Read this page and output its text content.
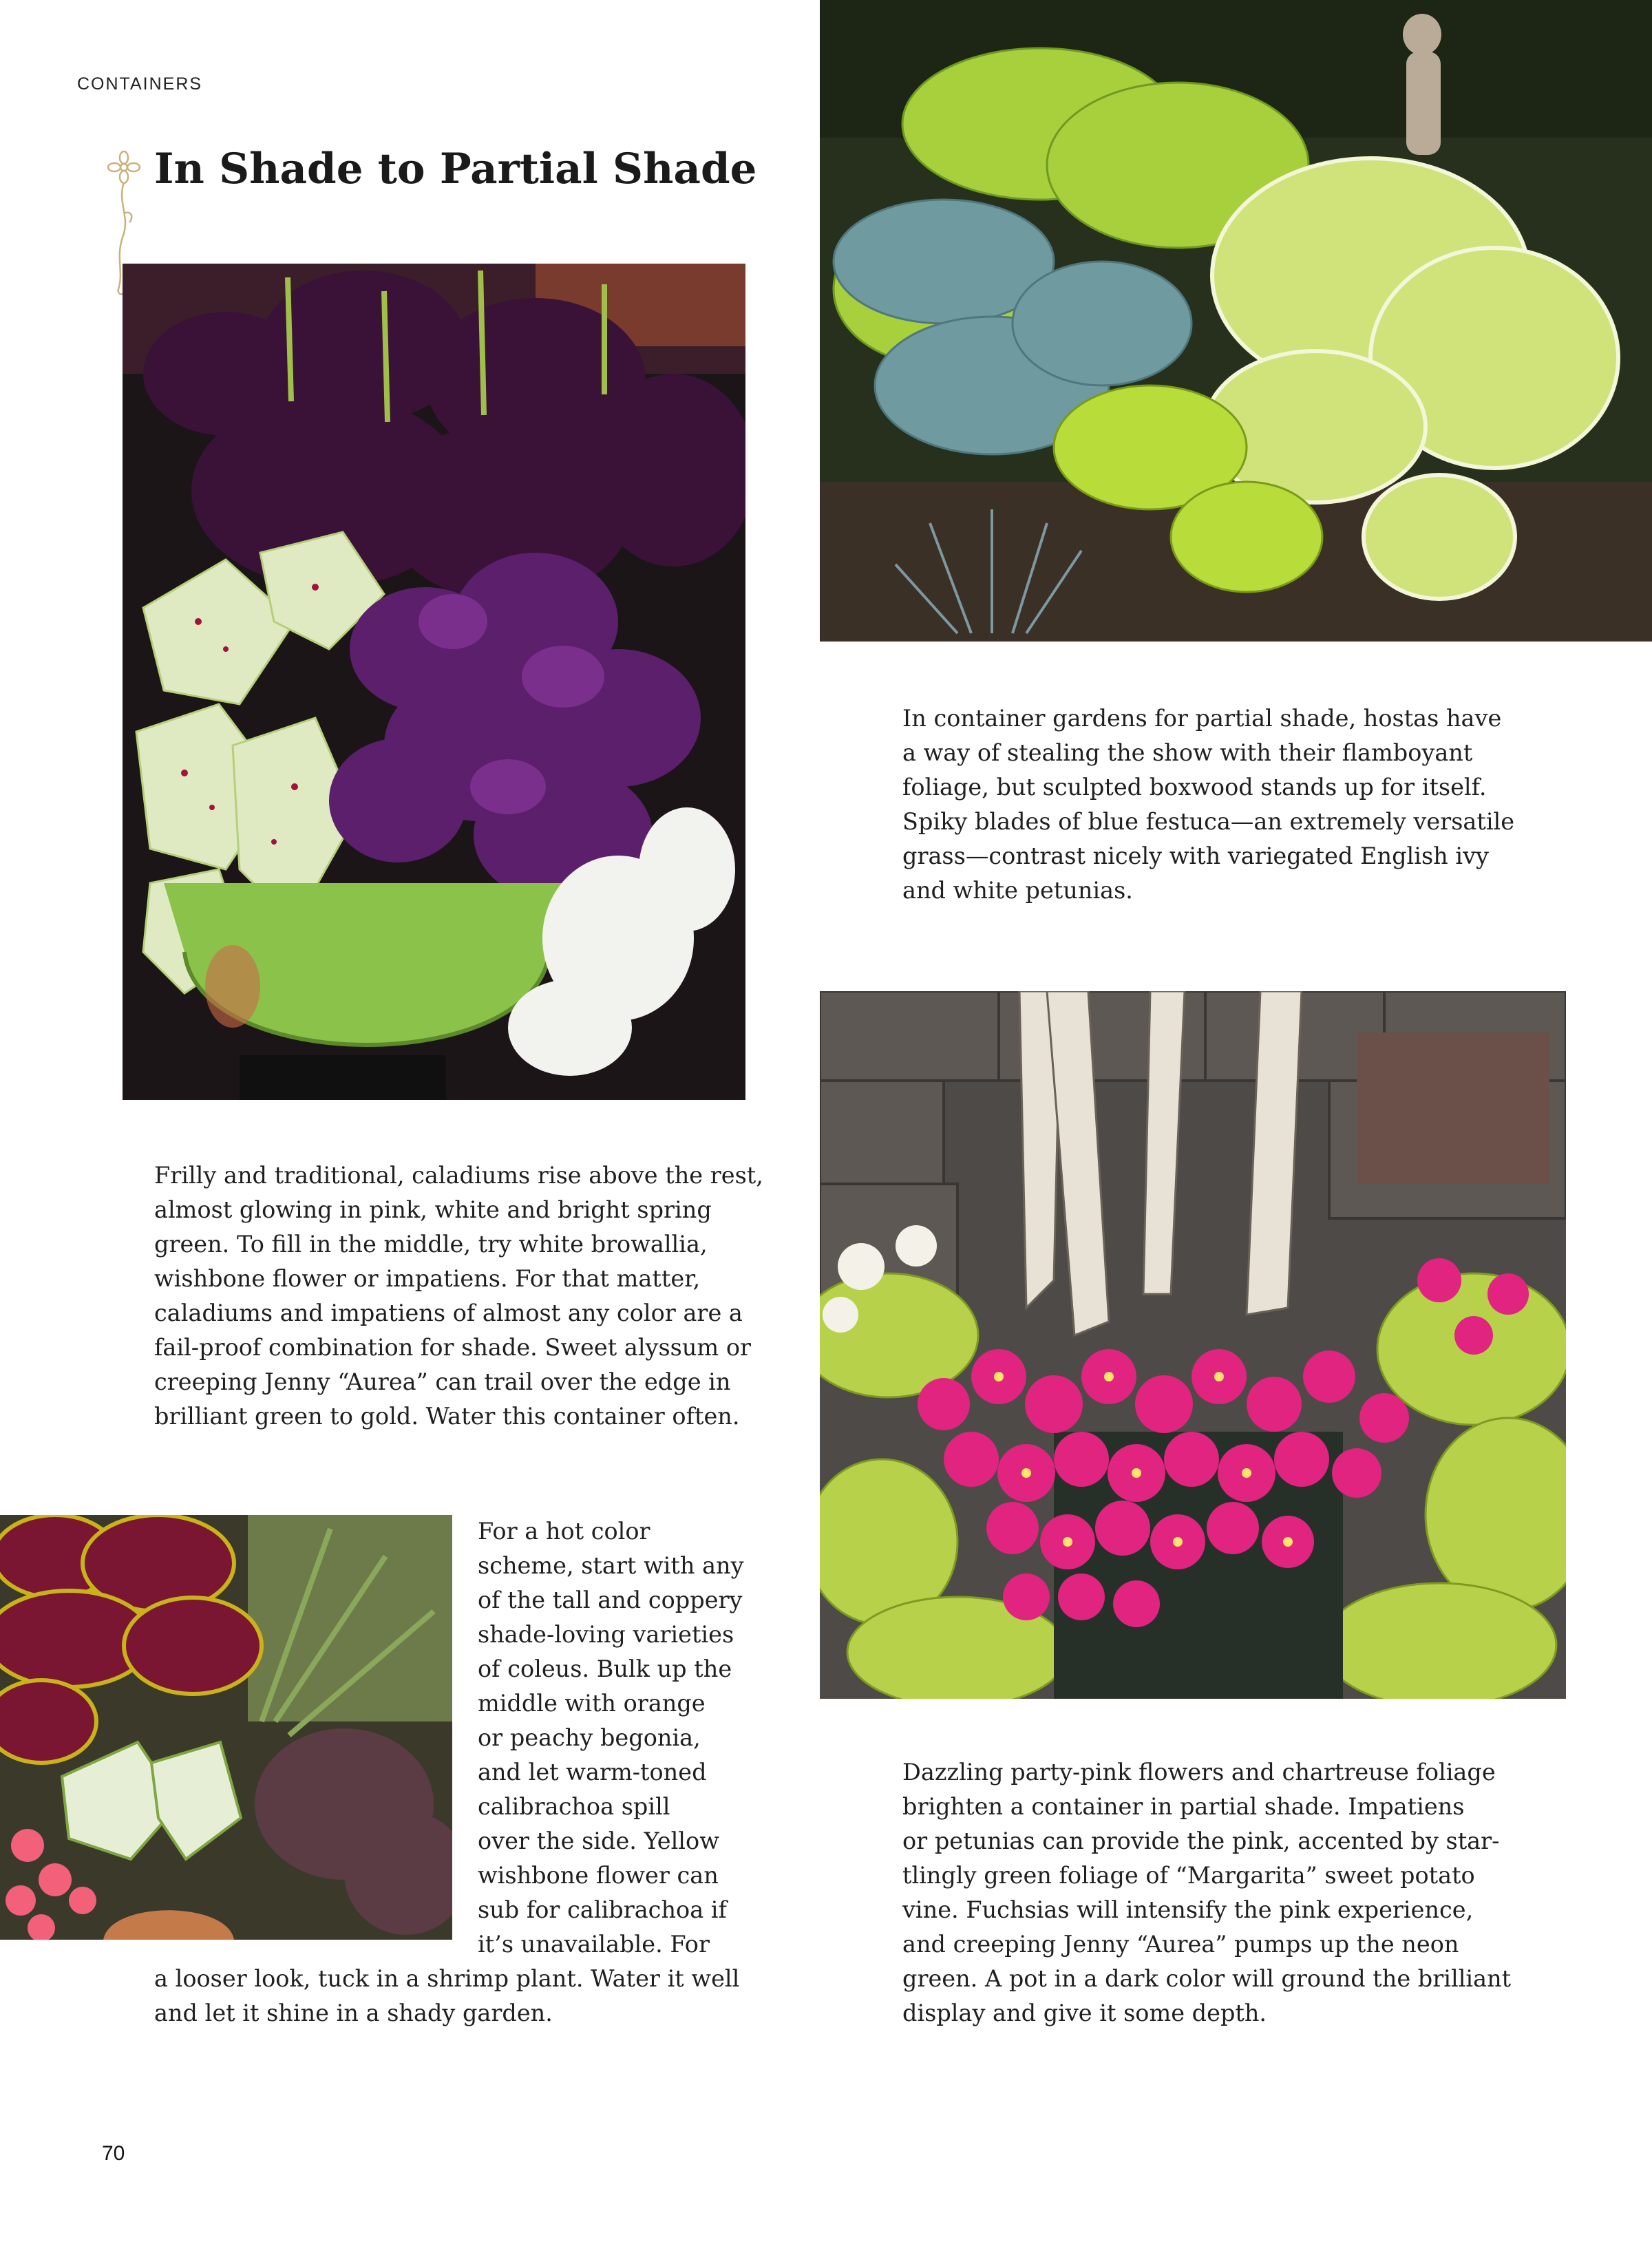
CONTAINERS
In Shade to Partial Shade

In container gardens for partial shade, hostas have

a way of stealing the show with their flamboyant

foliage, but sculpted boxwood stands up for itself.

Spiky blades of blue festuca—an extremely versatile

grass—contrast nicely with variegated English ivy

and white petunias.

Frilly and traditional, caladiums rise above the rest,

almost glowing in pink, white and bright spring

green. To fill in the middle, try white browallia,

wishbone flower or impatiens. For that matter,

caladiums and impatiens of almost any color are a

fail-proof combination for shade. Sweet alyssum or

creeping Jenny “Aurea” can trail over the edge in

brilliant green to gold. Water this container often.

For a hot color

scheme, start with any

of the tall and coppery

shade-loving varieties

of coleus. Bulk up the

middle with orange

or peachy begonia,

and let warm-toned

calibrachoa spill

over the side. Yellow

wishbone flower can

sub for calibrachoa if

it’s unavailable. For

a looser look, tuck in a shrimp plant. Water it well

and let it shine in a shady garden.

Dazzling party-pink flowers and chartreuse foliage

brighten a container in partial shade. Impatiens

or petunias can provide the pink, accented by star-

tlingly green foliage of “Margarita” sweet potato

vine. Fuchsias will intensify the pink experience,

and creeping Jenny “Aurea” pumps up the neon

green. A pot in a dark color will ground the brilliant

display and give it some depth.

70
